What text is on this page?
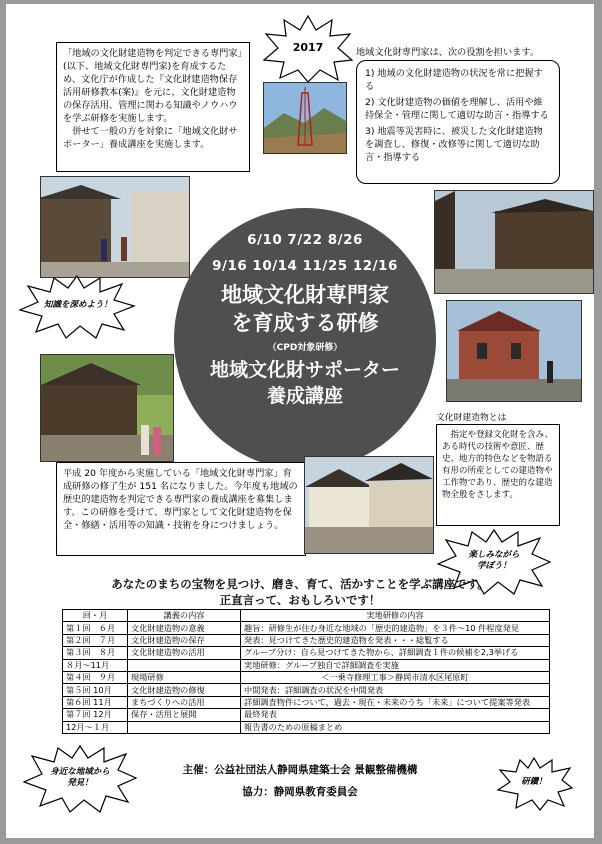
「地域の文化財建造物を判定できる専門家」(以下、地域文化財専門家)を育成するため、文化庁が作成した『文化財建造物保存活用研修教本(案)』を元に、文化財建造物の保存活用、管理に関わる知識やノウハウを学ぶ研修を実施します。
併せて一般の方を対象に「地域文化財サポーター」養成講座を実施します。
2017	地域文化財専門家は、次の役割を担います。
1) 地域の文化財建造物の状況を常に把握する
2) 文化財建造物の価値を理解し、活用や維持保全・管理に関して適切な助言・指導する
3) 地震等災害時に、被災した文化財建造物を調査し、修復・改修等に関して適切な助言・指導する
知識を深めよう！
6/10 7/22 8/26
9/16 10/14 11/25 12/16
地域文化財専門家
を育成する研修
（CPD対象研修）
地域文化財サポーター
養成講座
文化財建造物とは
指定や登録文化財を含み、ある時代の技術や意匠、歴史、地方的特色などを物語る有形の所産としての建造物や工作物であり、歴史的な建造物全般をさします。
平成 20 年度から実施している「地域文化財専門家」育成研修の修了生が 151 名になりました。今年度も地域の歴史的建造物を判定できる専門家の養成講座を募集します。この研修を受けて、専門家として文化財建造物を保全・修繕・活用等の知識・技術を身につけましょう。
楽しみながら
学ぼう！
あなたのまちの宝物を見つけ、磨き、育て、活かすことを学ぶ講座です。
正直言って、おもしろいです！
回・月	講義の内容	実地研修の内容
第１回　６月	文化財建造物の意義	趣旨：研修生が住む身近な地域の「歴史的建造物」を３件～10 件程度発見
第２回　７月	文化財建造物の保存	発表：見つけてきた歴史的建造物を発表・・・総覧する
第３回　８月	文化財建造物の活用	グループ分け：自ら見つけてきた物から、詳細調査１件の候補を2,3挙げる
８月～11月		実地研修：グループ独自で詳細調査を実施
第４回　９月	現場研修	＜一乗寺修理工事＞静岡市清水区尾原町
第５回 10月	文化財建造物の修復	中間発表：詳細調査の状況を中間発表
第６回 11月	まちづくりへの活用	詳細調査物件について、過去・現在・未来のうち「未来」について提案等発表
第７回 12月	保存・活用と展開	最終発表
12月～１月		報告書のための原稿まとめ
身近な地域から
発見！	研鑽！
主催：公益社団法人静岡県建築士会 景観整備機構
協力：静岡県教育委員会
